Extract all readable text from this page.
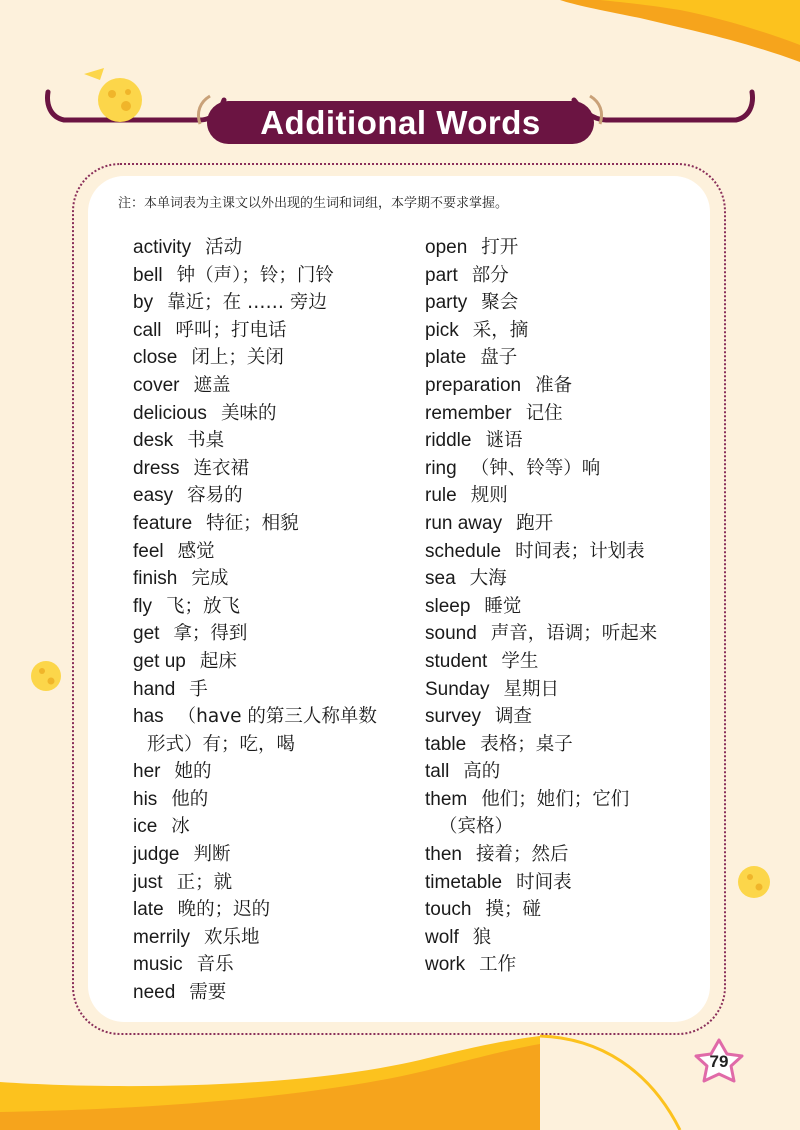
Additional Words
注：本单词表为主课文以外出现的生词和词组，本学期不要求掌握。
activity 活动
bell 钟（声）；铃；门铃
by 靠近；在 …… 旁边
call 呼叫；打电话
close 闭上；关闭
cover 遮盖
delicious 美味的
desk 书桌
dress 连衣裙
easy 容易的
feature 特征；相貌
feel 感觉
finish 完成
fly 飞；放飞
get 拿；得到
get up 起床
hand 手
has （have 的第三人称单数
形式）有；吃，喝
her 她的
his 他的
ice 冰
judge 判断
just 正；就
late 晚的；迟的
merrily 欢乐地
music 音乐
need 需要
open 打开
part 部分
party 聚会
pick 采，摘
plate 盘子
preparation 准备
remember 记住
riddle 谜语
ring （钟、铃等）响
rule 规则
run away 跑开
schedule 时间表；计划表
sea 大海
sleep 睡觉
sound 声音，语调；听起来
student 学生
Sunday 星期日
survey 调查
table 表格；桌子
tall 高的
them 他们；她们；它们
（宾格）
then 接着；然后
timetable 时间表
touch 摸；碰
wolf 狼
work 工作
79
